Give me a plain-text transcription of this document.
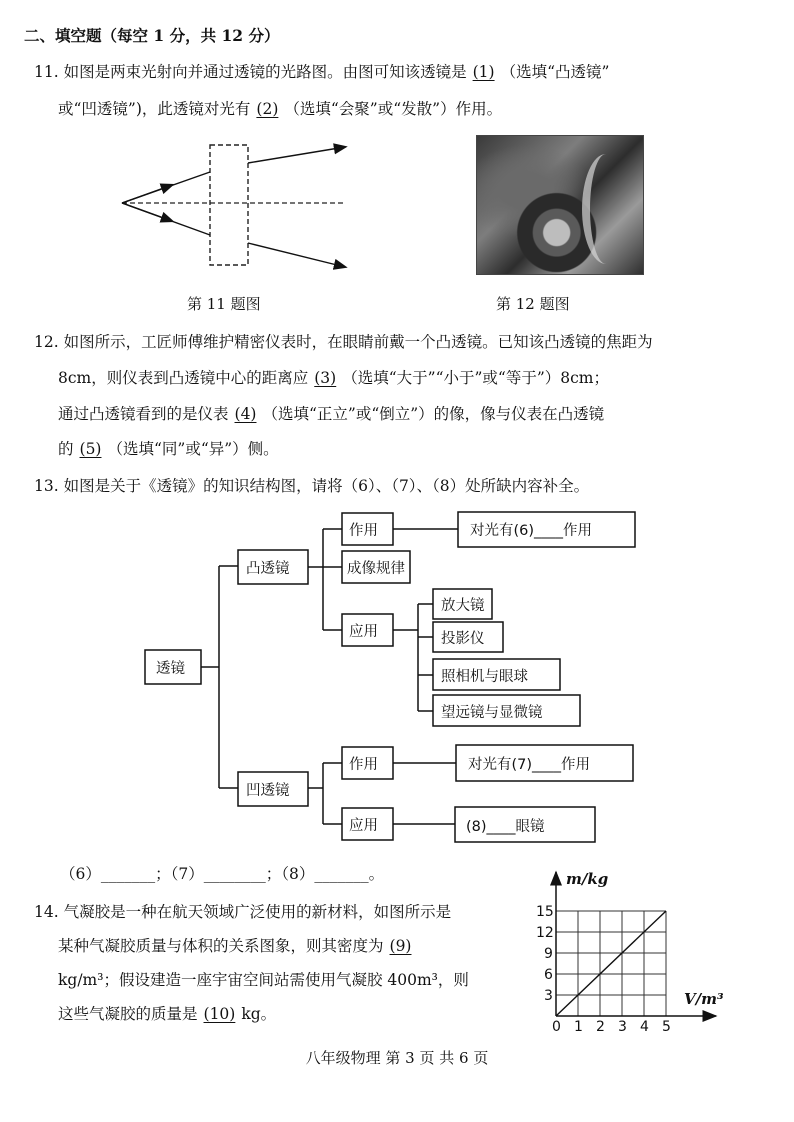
二、填空题（每空 1 分，共 12 分）
11. 如图是两束光射向并通过透镜的光路图。由图可知该透镜是 (1) （选填“凸透镜”
或“凹透镜”)，此透镜对光有 (2) （选填“会聚”或“发散”）作用。
第 11 题图	第 12 题图
12. 如图所示，工匠师傅维护精密仪表时，在眼睛前戴一个凸透镜。已知该凸透镜的焦距为
8cm，则仪表到凸透镜中心的距离应 (3) （选填“大于”“小于”或“等于”）8cm；
通过凸透镜看到的是仪表 (4) （选填“正立”或“倒立”）的像，像与仪表在凸透镜
的 (5) （选填“同”或“异”）侧。
13. 如图是关于《透镜》的知识结构图，请将（6）、（7）、（8）处所缺内容补全。
透镜
凸透镜
凹透镜
作用
成像规律
应用
对光有(6)____作用
放大镜
投影仪
照相机与眼球
望远镜与显微镜
作用
应用
对光有(7)____作用
(8)____眼镜
（6）_______；（7）________；（8）_______。
14. 气凝胶是一种在航天领域广泛使用的新材料，如图所示是
某种气凝胶质量与体积的关系图象，则其密度为 (9)
kg/m³；假设建造一座宇宙空间站需使用气凝胶 400m³，则
这些气凝胶的质量是 (10) kg。
0 1 2 3 4 5
3
6
9
12
15
m/kg
V/m³
八年级物理 第 3 页 共 6 页
